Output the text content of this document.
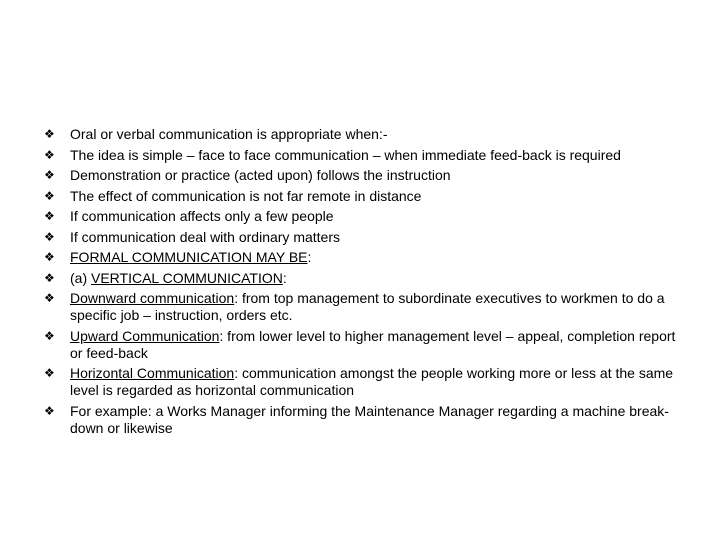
❖ Oral or verbal communication is appropriate when:-
❖ The idea is simple – face to face communication – when immediate feed-back is required
❖ Demonstration or practice (acted upon) follows the instruction
❖ The effect of communication is not far remote in distance
❖ If communication affects only a few people
❖ If communication deal with ordinary matters
❖ FORMAL COMMUNICATION MAY BE:
❖ (a) VERTICAL COMMUNICATION:
❖ Downward communication: from top management to subordinate executives to workmen to do a specific job – instruction, orders etc.
❖ Upward Communication: from lower level to higher management level – appeal, completion report or feed-back
❖ Horizontal Communication: communication amongst the people working more or less at the same level is regarded as horizontal communication
❖ For example: a Works Manager informing the Maintenance Manager regarding a machine break-down or likewise
